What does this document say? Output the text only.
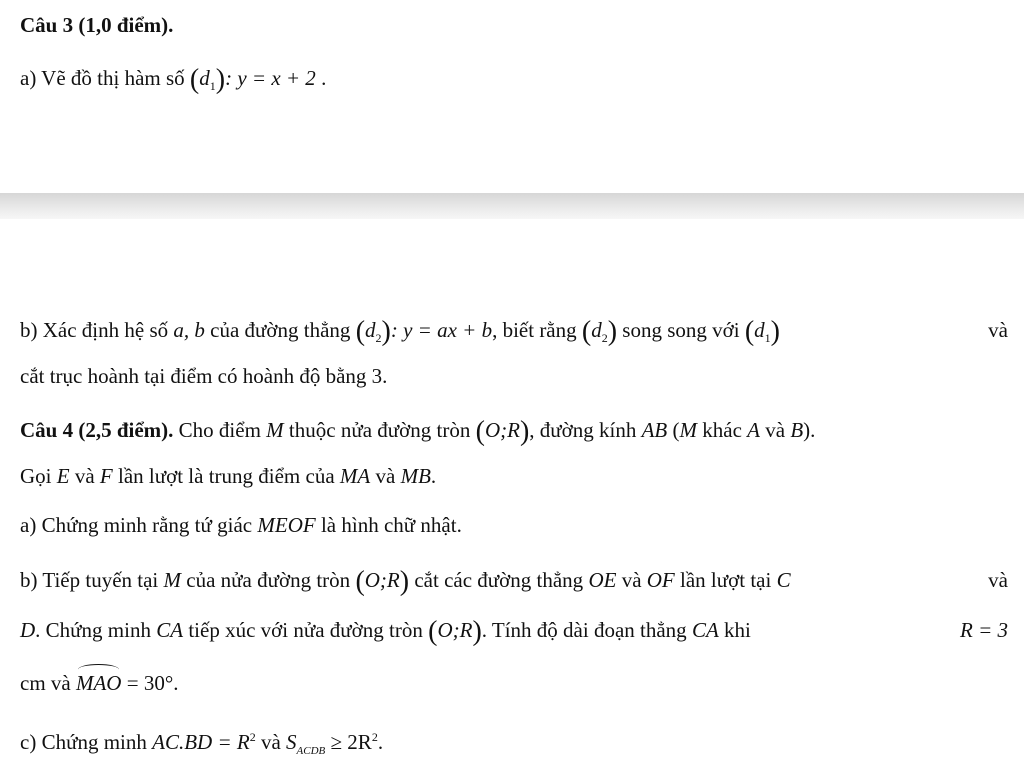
Câu 3 (1,0 điểm).
a) Vẽ đồ thị hàm số $(d_1)$: y = x + 2 .
b) Xác định hệ số a, b của đường thẳng $(d_2)$: y = ax + b, biết rằng $(d_2)$ song song với $(d_1)$	và
cắt trục hoành tại điểm có hoành độ bằng 3.
Câu 4 (2,5 điểm). Cho điểm M thuộc nửa đường tròn (O;R), đường kính AB (M khác A và B).
Gọi E và F lần lượt là trung điểm của MA và MB.
a) Chứng minh rằng tứ giác MEOF là hình chữ nhật.
b) Tiếp tuyến tại M của nửa đường tròn (O;R) cắt các đường thẳng OE và OF lần lượt tại C	và
D. Chứng minh CA tiếp xúc với nửa đường tròn (O;R). Tính độ dài đoạn thẳng CA khi	R = 3
cm và MAO = 30°.
c) Chứng minh $AC.BD = R^2$ và $S_{ACDB} \ge 2R^2$.
